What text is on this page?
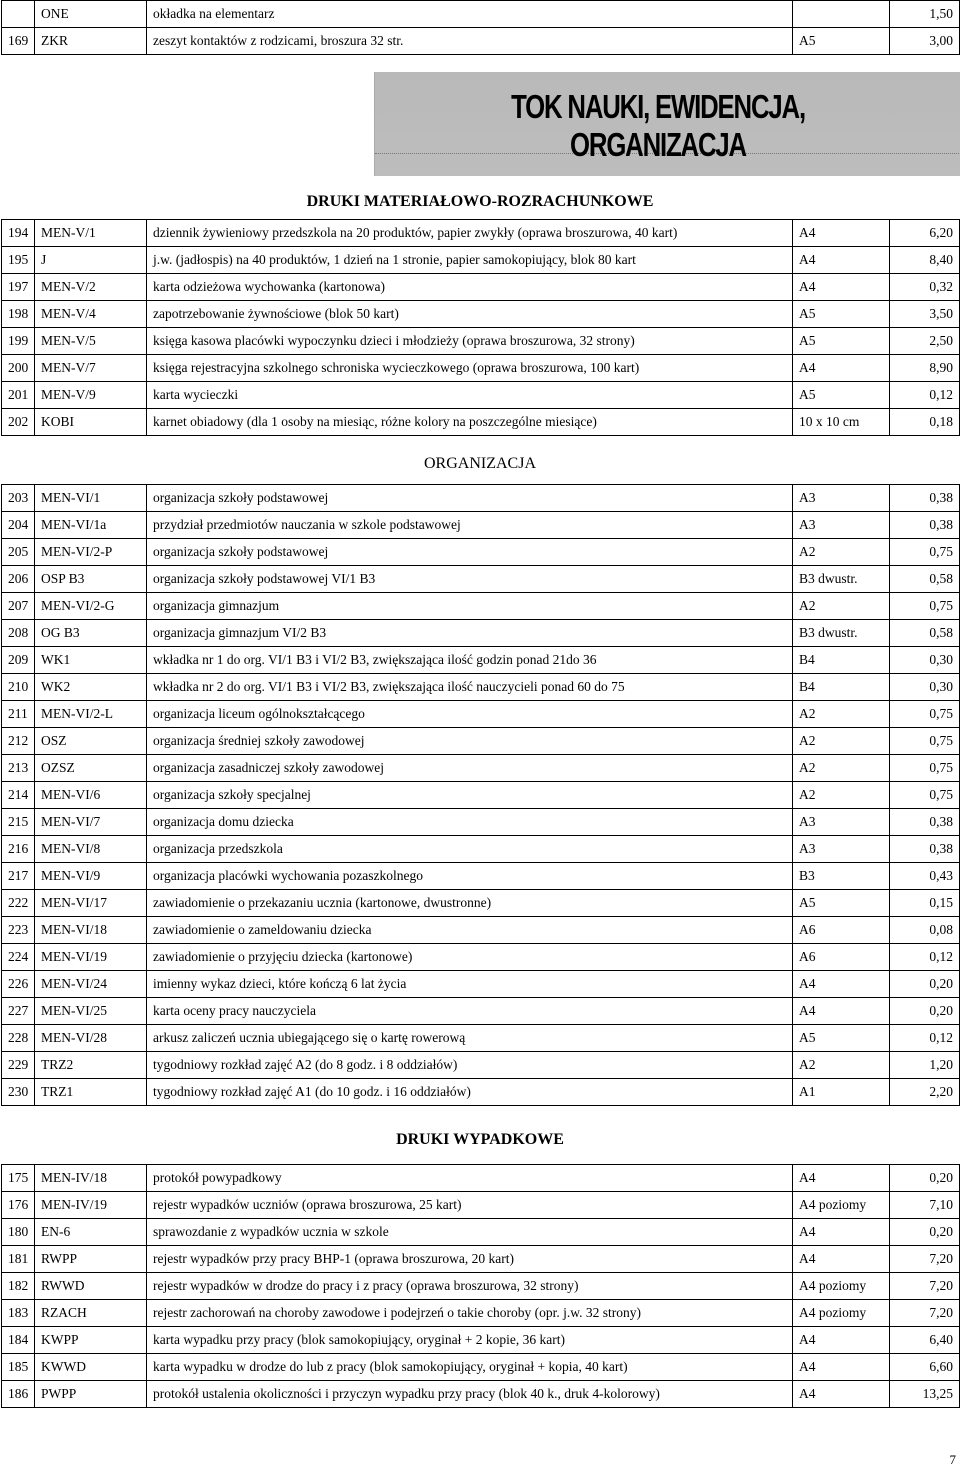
	ONE	okładka na elementarz		1,50
169	ZKR	zeszyt kontaktów z rodzicami, broszura 32 str.	A5	3,00
TOK NAUKI, EWIDENCJA, ORGANIZACJA
DRUKI MATERIAŁOWO-ROZRACHUNKOWE
194	MEN-V/1	dziennik żywieniowy przedszkola na 20 produktów, papier zwykły (oprawa broszurowa, 40 kart)	A4	6,20
195	J	j.w. (jadłospis) na 40 produktów, 1 dzień na 1 stronie, papier samokopiujący, blok 80 kart	A4	8,40
197	MEN-V/2	karta odzieżowa wychowanka (kartonowa)	A4	0,32
198	MEN-V/4	zapotrzebowanie żywnościowe (blok 50 kart)	A5	3,50
199	MEN-V/5	księga kasowa placówki wypoczynku dzieci i młodzieży (oprawa broszurowa, 32 strony)	A5	2,50
200	MEN-V/7	księga rejestracyjna szkolnego schroniska wycieczkowego (oprawa broszurowa, 100 kart)	A4	8,90
201	MEN-V/9	karta wycieczki	A5	0,12
202	KOBI	karnet obiadowy (dla 1 osoby na miesiąc, różne kolory na poszczególne miesiące)	10 x 10 cm	0,18
ORGANIZACJA
203	MEN-VI/1	organizacja szkoły podstawowej	A3	0,38
204	MEN-VI/1a	przydział przedmiotów nauczania w szkole podstawowej	A3	0,38
205	MEN-VI/2-P	organizacja szkoły podstawowej	A2	0,75
206	OSP B3	organizacja szkoły podstawowej VI/1 B3	B3 dwustr.	0,58
207	MEN-VI/2-G	organizacja gimnazjum	A2	0,75
208	OG B3	organizacja gimnazjum VI/2 B3	B3 dwustr.	0,58
209	WK1	wkładka nr 1 do org. VI/1 B3 i VI/2 B3, zwiększająca ilość godzin ponad 21do 36	B4	0,30
210	WK2	wkładka nr 2 do org. VI/1 B3 i VI/2 B3, zwiększająca ilość nauczycieli ponad 60 do 75	B4	0,30
211	MEN-VI/2-L	organizacja liceum ogólnokształcącego	A2	0,75
212	OSZ	organizacja średniej szkoły zawodowej	A2	0,75
213	OZSZ	organizacja zasadniczej szkoły zawodowej	A2	0,75
214	MEN-VI/6	organizacja szkoły specjalnej	A2	0,75
215	MEN-VI/7	organizacja domu dziecka	A3	0,38
216	MEN-VI/8	organizacja przedszkola	A3	0,38
217	MEN-VI/9	organizacja placówki wychowania pozaszkolnego	B3	0,43
222	MEN-VI/17	zawiadomienie o przekazaniu ucznia (kartonowe, dwustronne)	A5	0,15
223	MEN-VI/18	zawiadomienie o zameldowaniu dziecka	A6	0,08
224	MEN-VI/19	zawiadomienie o przyjęciu dziecka (kartonowe)	A6	0,12
226	MEN-VI/24	imienny wykaz dzieci, które kończą 6 lat życia	A4	0,20
227	MEN-VI/25	karta oceny pracy nauczyciela	A4	0,20
228	MEN-VI/28	arkusz zaliczeń ucznia ubiegającego się o kartę rowerową	A5	0,12
229	TRZ2	tygodniowy rozkład zajęć A2 (do 8 godz. i 8 oddziałów)	A2	1,20
230	TRZ1	tygodniowy rozkład zajęć A1 (do 10 godz. i 16 oddziałów)	A1	2,20
DRUKI WYPADKOWE
175	MEN-IV/18	protokół powypadkowy	A4	0,20
176	MEN-IV/19	rejestr wypadków uczniów (oprawa broszurowa, 25 kart)	A4 poziomy	7,10
180	EN-6	sprawozdanie z wypadków ucznia w szkole	A4	0,20
181	RWPP	rejestr wypadków przy pracy BHP-1 (oprawa broszurowa, 20 kart)	A4	7,20
182	RWWD	rejestr wypadków w drodze do pracy i z pracy (oprawa broszurowa, 32 strony)	A4 poziomy	7,20
183	RZACH	rejestr zachorowań na choroby zawodowe i podejrzeń o takie choroby (opr. j.w. 32 strony)	A4 poziomy	7,20
184	KWPP	karta wypadku przy pracy (blok samokopiujący, oryginał + 2 kopie, 36 kart)	A4	6,40
185	KWWD	karta wypadku w drodze do lub z pracy (blok samokopiujący, oryginał + kopia, 40 kart)	A4	6,60
186	PWPP	protokół ustalenia okoliczności i przyczyn wypadku przy pracy (blok 40 k., druk 4-kolorowy)	A4	13,25
7
